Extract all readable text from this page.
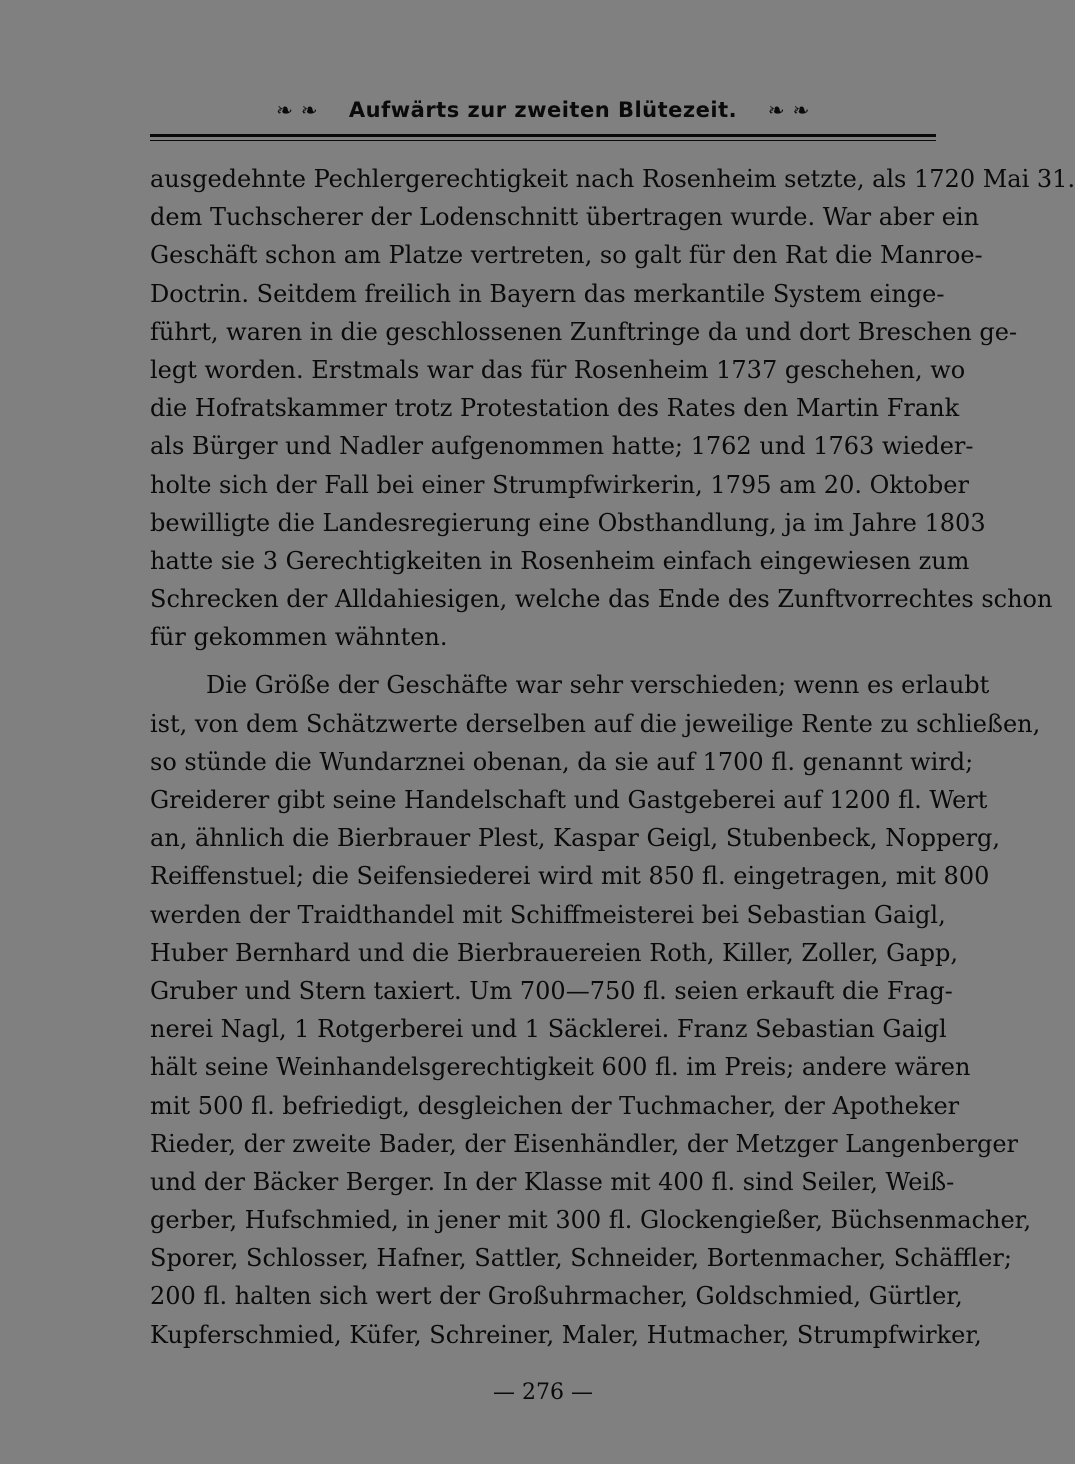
❧ ❧ Aufwärts zur zweiten Blütezeit. ❧ ❧
ausgedehnte Pechlergerechtigkeit nach Rosenheim setzte, als 1720 Mai 31.
dem Tuchscherer der Lodenschnitt übertragen wurde. War aber ein
Geschäft schon am Platze vertreten, so galt für den Rat die Manroe-
Doctrin. Seitdem freilich in Bayern das merkantile System einge-
führt, waren in die geschlossenen Zunftringe da und dort Breschen ge-
legt worden. Erstmals war das für Rosenheim 1737 geschehen, wo
die Hofratskammer trotz Protestation des Rates den Martin Frank
als Bürger und Nadler aufgenommen hatte; 1762 und 1763 wieder-
holte sich der Fall bei einer Strumpfwirkerin, 1795 am 20. Oktober
bewilligte die Landesregierung eine Obsthandlung, ja im Jahre 1803
hatte sie 3 Gerechtigkeiten in Rosenheim einfach eingewiesen zum
Schrecken der Alldahiesigen, welche das Ende des Zunftvorrechtes schon
für gekommen wähnten.
Die Größe der Geschäfte war sehr verschieden; wenn es erlaubt
ist, von dem Schätzwerte derselben auf die jeweilige Rente zu schließen,
so stünde die Wundarznei obenan, da sie auf 1700 fl. genannt wird;
Greiderer gibt seine Handelschaft und Gastgeberei auf 1200 fl. Wert
an, ähnlich die Bierbrauer Plest, Kaspar Geigl, Stubenbeck, Nopperg,
Reiffenstuel; die Seifensiederei wird mit 850 fl. eingetragen, mit 800
werden der Traidthandel mit Schiffmeisterei bei Sebastian Gaigl,
Huber Bernhard und die Bierbrauereien Roth, Killer, Zoller, Gapp,
Gruber und Stern taxiert. Um 700—750 fl. seien erkauft die Frag-
nerei Nagl, 1 Rotgerberei und 1 Säcklerei. Franz Sebastian Gaigl
hält seine Weinhandelsgerechtigkeit 600 fl. im Preis; andere wären
mit 500 fl. befriedigt, desgleichen der Tuchmacher, der Apotheker
Rieder, der zweite Bader, der Eisenhändler, der Metzger Langenberger
und der Bäcker Berger. In der Klasse mit 400 fl. sind Seiler, Weiß-
gerber, Hufschmied, in jener mit 300 fl. Glockengießer, Büchsenmacher,
Sporer, Schlosser, Hafner, Sattler, Schneider, Bortenmacher, Schäffler;
200 fl. halten sich wert der Großuhrmacher, Goldschmied, Gürtler,
Kupferschmied, Küfer, Schreiner, Maler, Hutmacher, Strumpfwirker,
— 276 —
